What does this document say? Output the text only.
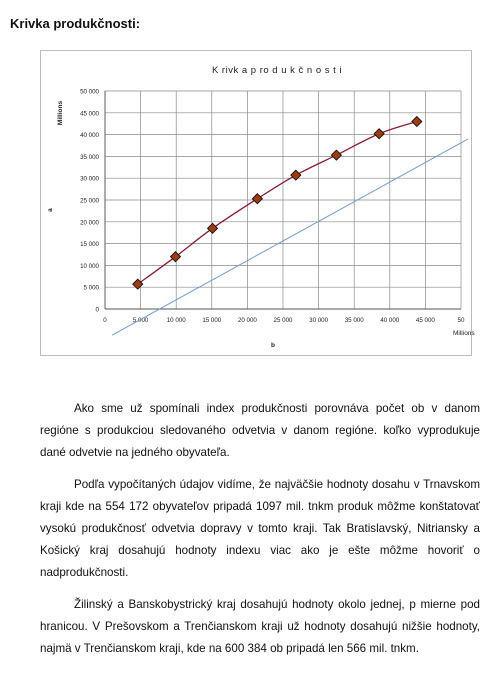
Krivka produkčnosti:
K rivk a p ro d u k č n o s t i
0
5 000
10 000
15 000
20 000
25 000
30 000
35 000
40 000
45 000
50 000
0	5 000	10 000	15 000	20 000	25 000	30 000	35 000	40 000	45 000	50
Millions
a
Millions
b

Ako sme už spomínali index produkčnosti porovnáva počet ob v danom regióne s produkciou sledovaného odvetvia v danom regióne. koľko vyprodukuje dané odvetvie na jedného obyvateľa.

Podľa vypočítaných údajov vidíme, že najväčšie hodnoty dosahu v Trnavskom kraji kde na 554 172 obyvateľov pripadá 1097 mil. tnkm produk môžme konštatovať vysokú produkčnosť odvetvia dopravy v tomto kraji. Tak Bratislavský, Nitriansky a Košický kraj dosahujú hodnoty indexu viac ako je ešte môžme hovoriť o nadprodukčnosti.

Žilinský a Banskobystrický kraj dosahujú hodnoty okolo jednej, p mierne pod hranicou. V Prešovskom a Trenčianskom kraji už hodnoty dosahujú nižšie hodnoty, najmä v Trenčianskom kraji, kde na 600 384 ob pripadá len 566 mil. tnkm.
